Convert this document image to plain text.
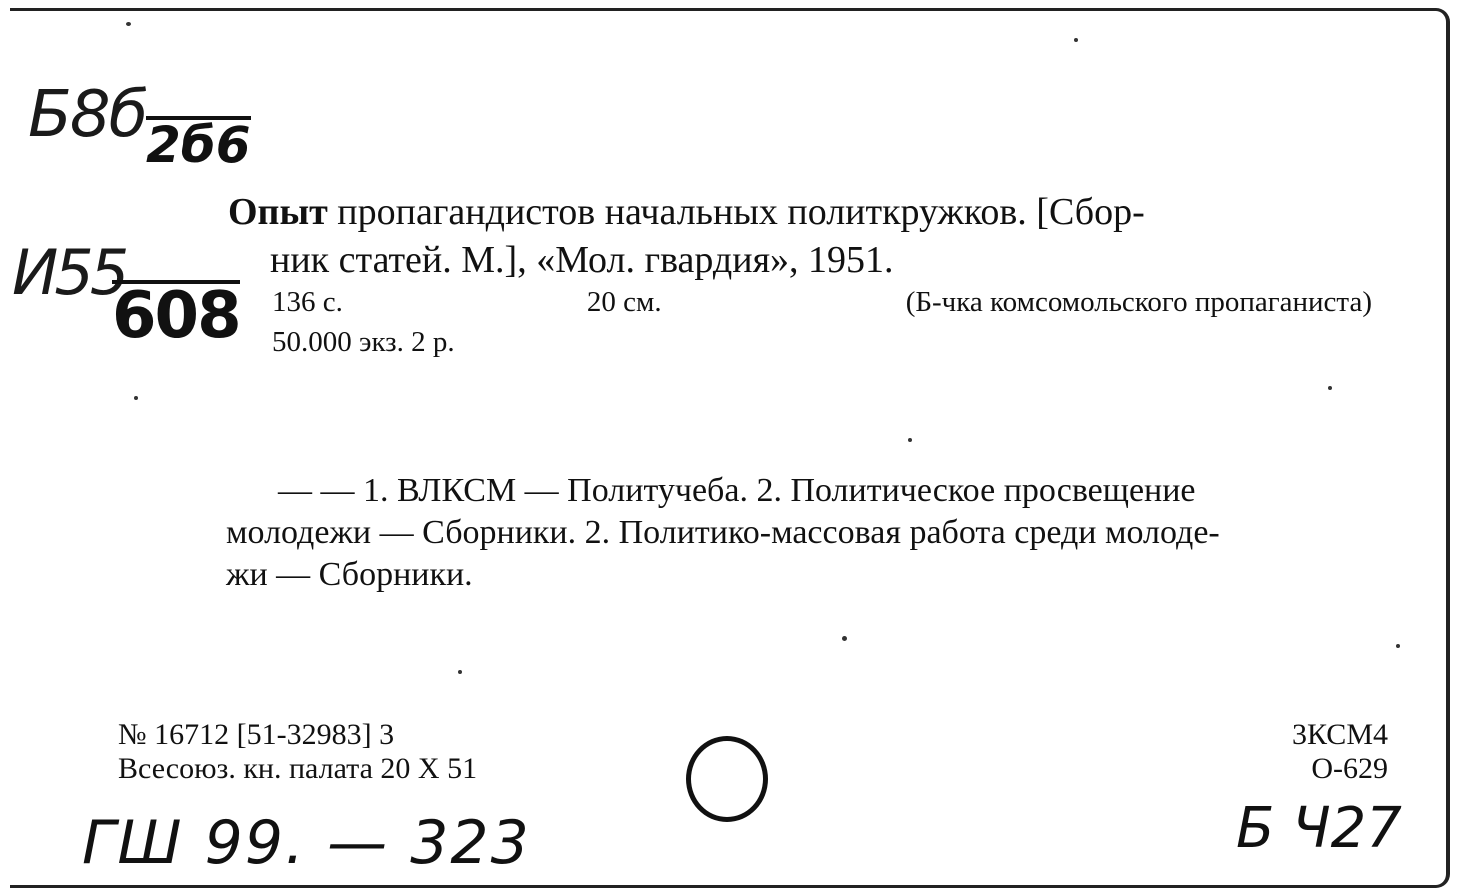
Б8б 2б6
И55
608
Опыт пропагандистов начальных политкружков. [Сбор-
ник статей. М.], «Мол. гвардия», 1951.
136 с.	20 см.	(Б-чка комсомольского пропаганиста)
50.000 экз. 2 р.
— — 1. ВЛКСМ — Политучеба. 2. Политическое просвещение
молодежи — Сборники. 2. Политико-массовая работа среди молоде-
жи — Сборники.
№ 16712 [51-32983] 3
Всесоюз. кн. палата 20 X 51
3КСМ4
О-629
ГШ 99. — 323	Б Ч27
